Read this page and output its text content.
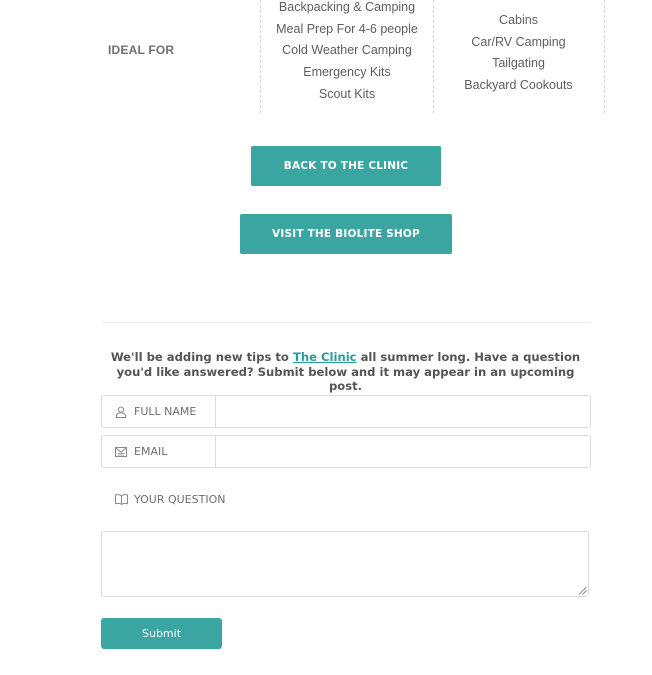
IDEAL FOR
Backpacking & Camping
Meal Prep For 4-6 people
Cold Weather Camping
Emergency Kits
Scout Kits
Cabins
Car/RV Camping
Tailgating
Backyard Cookouts
BACK TO THE CLINIC
VISIT THE BIOLITE SHOP
We'll be adding new tips to The Clinic all summer long. Have a question you'd like answered? Submit below and it may appear in an upcoming post.
FULL NAME
EMAIL
YOUR QUESTION
Submit
